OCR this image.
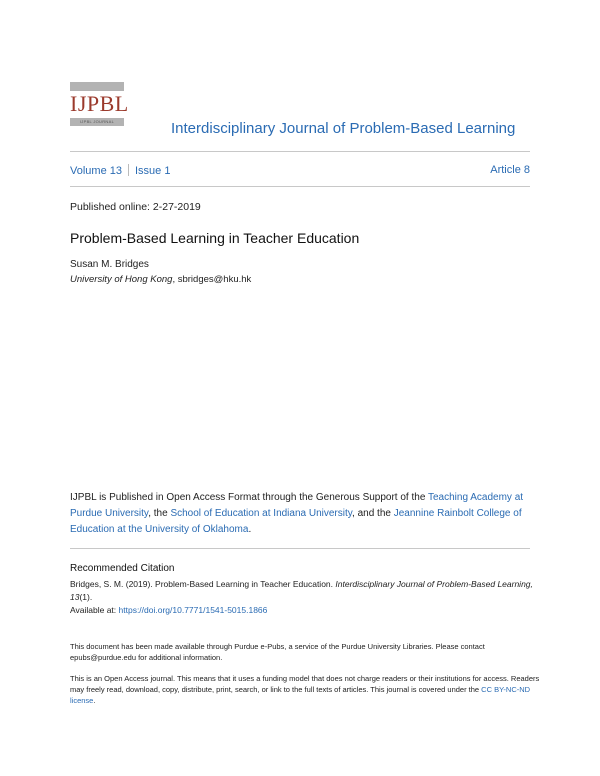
IJPBL
IJPBL JOURNAL	Interdisciplinary Journal of Problem-Based Learning
Volume 13 Issue 1	Article 8
Published online: 2-27-2019
Problem-Based Learning in Teacher Education
Susan M. Bridges
University of Hong Kong, sbridges@hku.hk
IJPBL is Published in Open Access Format through the Generous Support of the Teaching Academy at Purdue University, the School of Education at Indiana University, and the Jeannine Rainbolt College of Education at the University of Oklahoma.
Recommended Citation
Bridges, S. M. (2019). Problem-Based Learning in Teacher Education. Interdisciplinary Journal of Problem-Based Learning, 13(1).
Available at: https://doi.org/10.7771/1541-5015.1866
This document has been made available through Purdue e-Pubs, a service of the Purdue University Libraries. Please contact epubs@purdue.edu for additional information.
This is an Open Access journal. This means that it uses a funding model that does not charge readers or their institutions for access. Readers may freely read, download, copy, distribute, print, search, or link to the full texts of articles. This journal is covered under the CC BY-NC-ND license.
